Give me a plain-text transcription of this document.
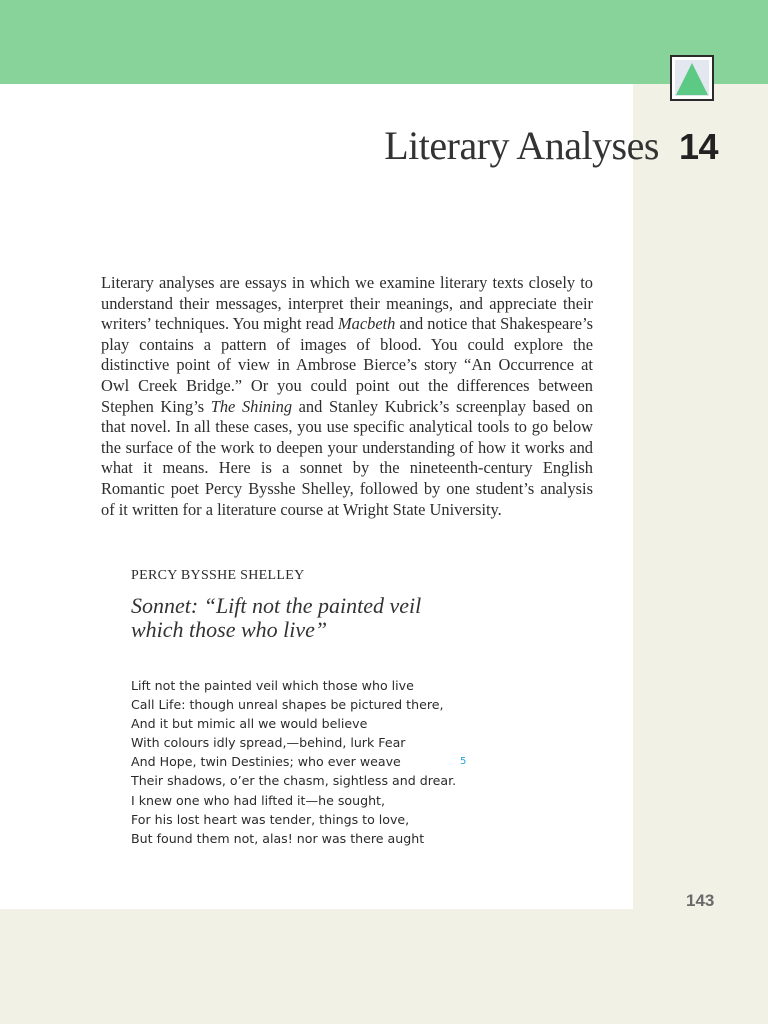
Literary Analyses 14
Literary analyses are essays in which we examine literary texts closely to understand their messages, interpret their meanings, and appreciate their writers’ techniques. You might read Macbeth and notice that Shakespeare’s play contains a pattern of images of blood. You could explore the distinctive point of view in Ambrose Bierce’s story “An Occurrence at Owl Creek Bridge.” Or you could point out the differences between Stephen King’s The Shining and Stanley Kubrick’s screenplay based on that novel. In all these cases, you use specific analytical tools to go below the surface of the work to deepen your understanding of how it works and what it means. Here is a sonnet by the nineteenth-century English Romantic poet Percy Bysshe Shelley, followed by one student’s analysis of it written for a literature course at Wright State University.
PERCY BYSSHE SHELLEY
Sonnet: “Lift not the painted veil which those who live”
Lift not the painted veil which those who live
Call Life: though unreal shapes be pictured there,
And it but mimic all we would believe
With colours idly spread,—behind, lurk Fear
And Hope, twin Destinies; who ever weave
Their shadows, o’er the chasm, sightless and drear.
I knew one who had lifted it—he sought,
For his lost heart was tender, things to love,
But found them not, alas! nor was there aught
5
143
